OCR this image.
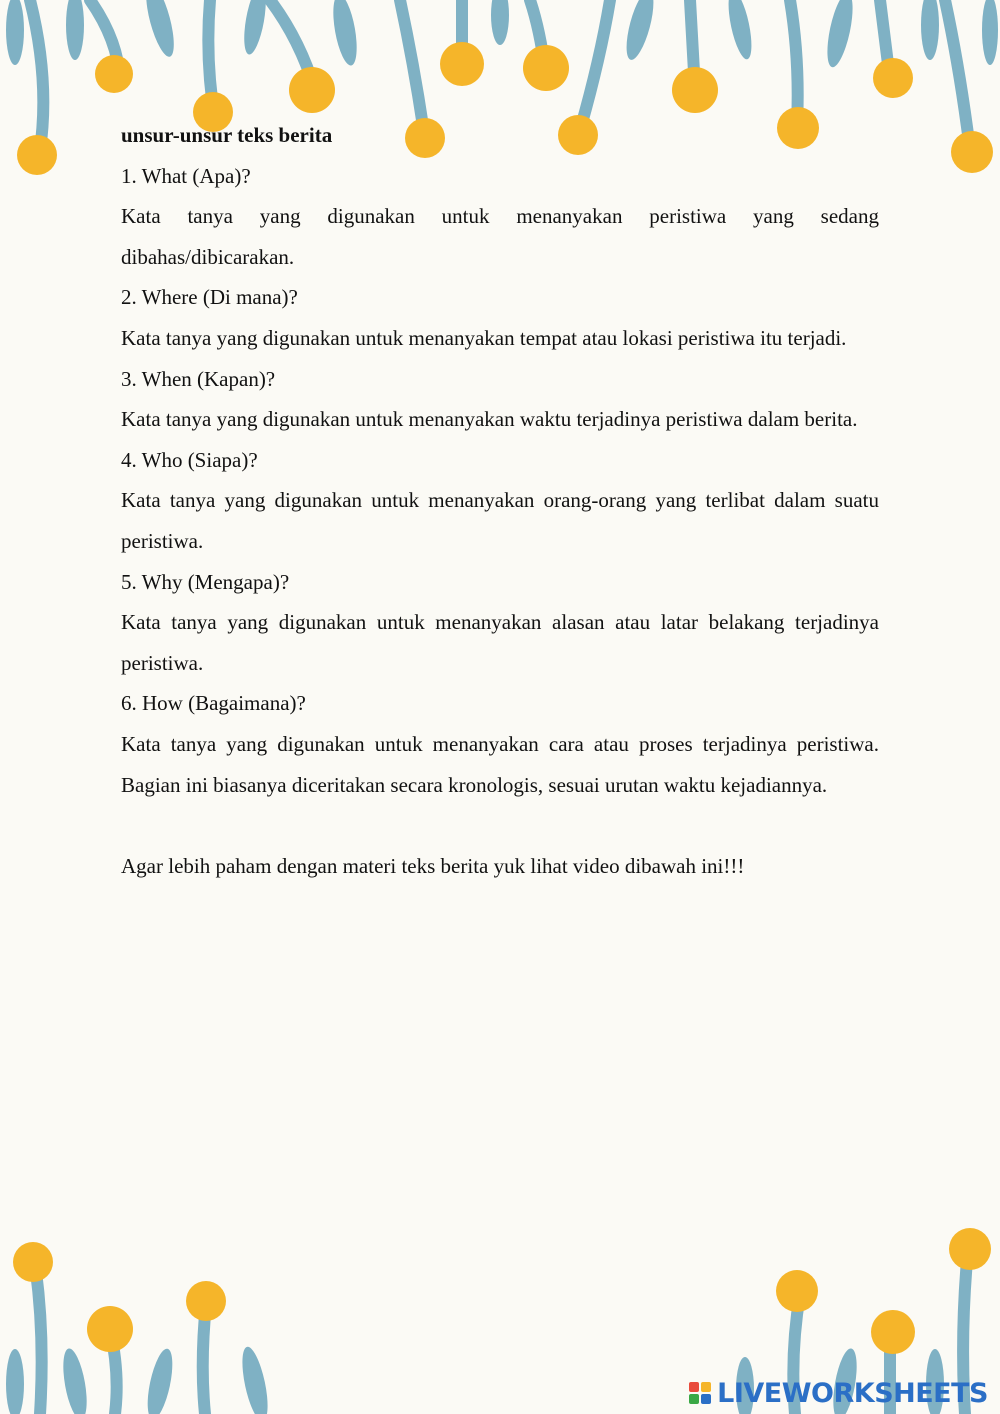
unsur-unsur teks berita

1. What (Apa)?

Kata tanya yang digunakan untuk menanyakan peristiwa yang sedang dibahas/dibicarakan.

2. Where (Di mana)?

Kata tanya yang digunakan untuk menanyakan tempat atau lokasi peristiwa itu terjadi.

3. When (Kapan)?

Kata tanya yang digunakan untuk menanyakan waktu terjadinya peristiwa dalam berita.

4. Who (Siapa)?

Kata tanya yang digunakan untuk menanyakan orang-orang yang terlibat dalam suatu peristiwa.

5. Why (Mengapa)?

Kata tanya yang digunakan untuk menanyakan alasan atau latar belakang terjadinya peristiwa.

6. How (Bagaimana)?

Kata tanya yang digunakan untuk menanyakan cara atau proses terjadinya peristiwa. Bagian ini biasanya diceritakan secara kronologis, sesuai urutan waktu kejadiannya.

Agar lebih paham dengan materi teks berita yuk lihat video dibawah ini!!!

LIVEWORKSHEETS
